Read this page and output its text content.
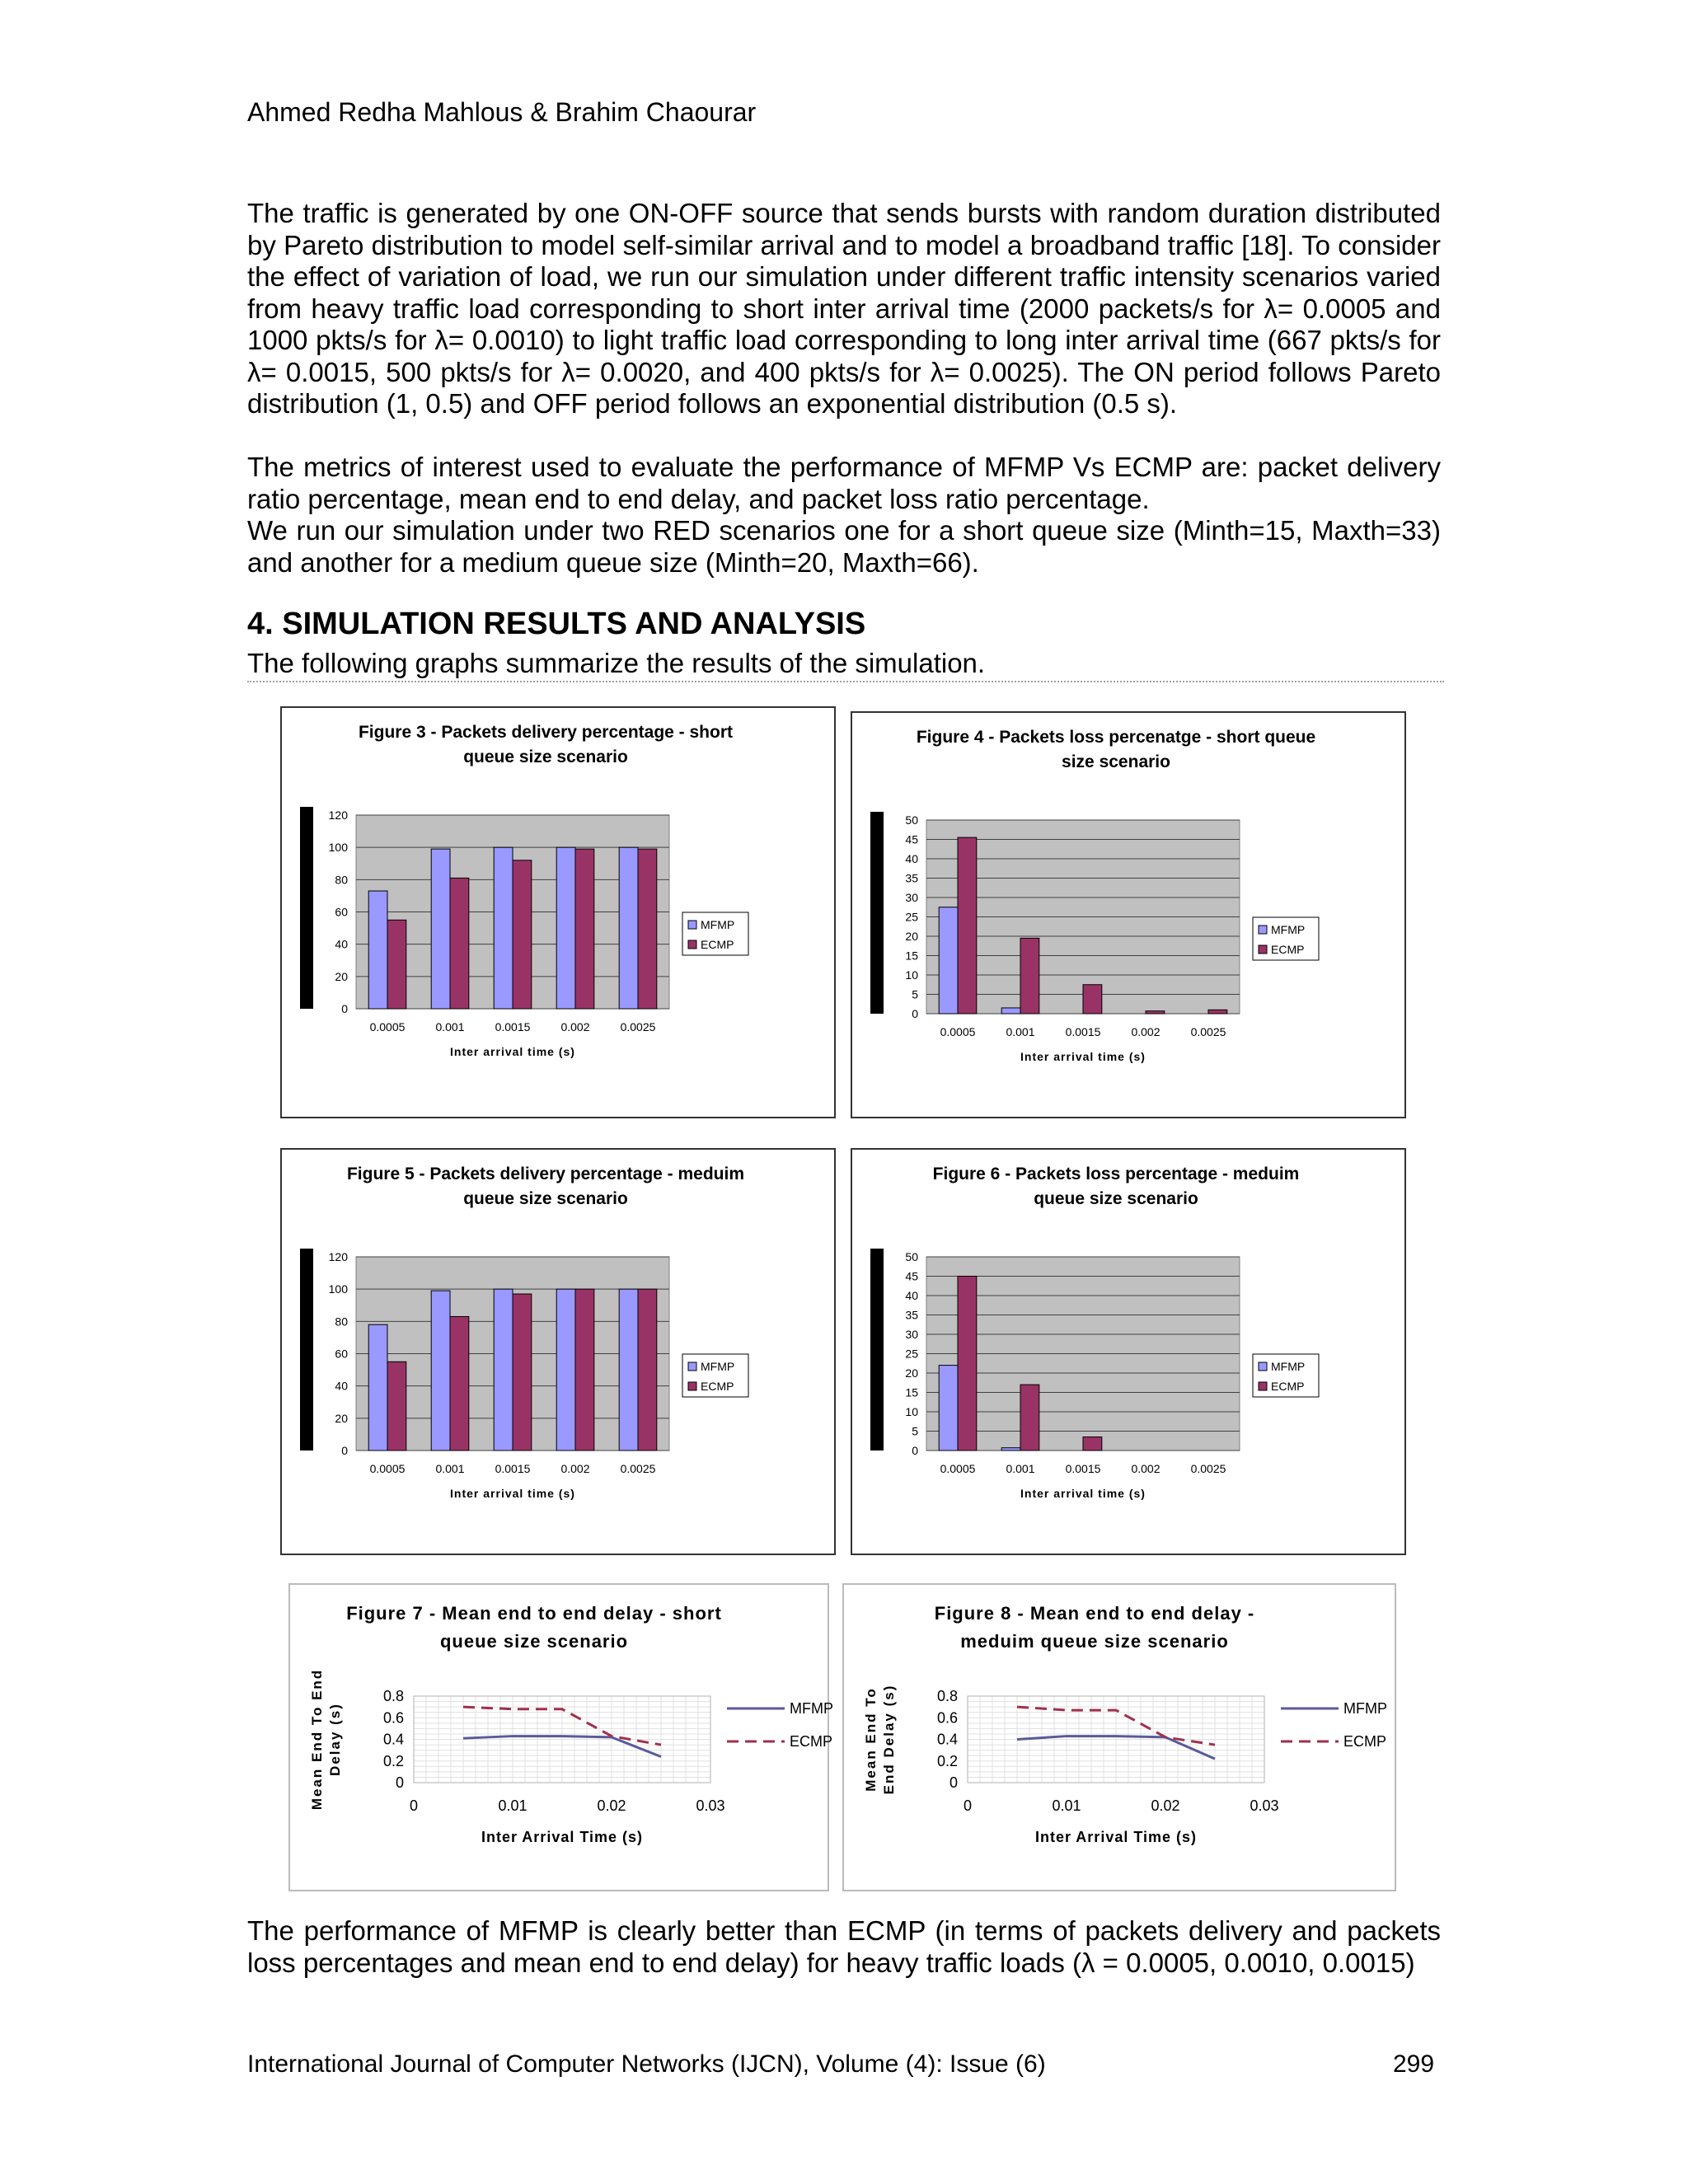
Ahmed Redha Mahlous & Brahim Chaourar

The traffic is generated by one ON-OFF source that sends bursts with random duration distributed by Pareto distribution to model self-similar arrival and to model a broadband traffic [18]. To consider the effect of variation of load, we run our simulation under different traffic intensity scenarios varied from heavy traffic load corresponding to short inter arrival time (2000 packets/s for λ= 0.0005 and 1000 pkts/s for λ= 0.0010) to light traffic load corresponding to long inter arrival time (667 pkts/s for λ= 0.0015, 500 pkts/s for λ= 0.0020, and 400 pkts/s for λ= 0.0025). The ON period follows Pareto distribution (1, 0.5) and OFF period follows an exponential distribution (0.5 s).

The metrics of interest used to evaluate the performance of MFMP Vs ECMP are: packet delivery ratio percentage, mean end to end delay, and packet loss ratio percentage.

We run our simulation under two RED scenarios one for a short queue size (Minth=15, Maxth=33) and another for a medium queue size (Minth=20, Maxth=66).

4. SIMULATION RESULTS AND ANALYSIS
The following graphs summarize the results of the simulation.
Figure 3 - Packets delivery percentage - short
queue size scenario
0
20
40
60
80
100
120
0.0005	0.001	0.0015	0.002	0.0025
Inter arrival time (s)
MFMP
ECMP
Figure 4 - Packets loss percenatge - short queue
size scenario
0
5
10
15
20
25
30
35
40
45
50
0.0005	0.001	0.0015	0.002	0.0025
Inter arrival time (s)
MFMP
ECMP
Figure 5 - Packets delivery percentage - meduim
queue size scenario
0
20
40
60
80
100
120
0.0005	0.001	0.0015	0.002	0.0025
Inter arrival time (s)
MFMP
ECMP
Figure 6 - Packets loss percentage - meduim
queue size scenario
0
5
10
15
20
25
30
35
40
45
50
0.0005	0.001	0.0015	0.002	0.0025
Inter arrival time (s)
MFMP
ECMP
Figure 7 - Mean end to end delay - short
queue size scenario
0
0.2
0.4
0.6
0.8
0	0.01	0.02	0.03
Inter Arrival Time (s)
Mean End To End Delay (s)	MFMP
ECMP
Figure 8 - Mean end to end delay -
meduim queue size scenario
0
0.2
0.4
0.6
0.8
0	0.01	0.02	0.03
Inter Arrival Time (s)
Mean End To End Delay (s)	MFMP
ECMP

The performance of MFMP is clearly better than ECMP (in terms of packets delivery and packets loss percentages and mean end to end delay) for heavy traffic loads (λ = 0.0005, 0.0010, 0.0015)

International Journal of Computer Networks (IJCN), Volume (4): Issue (6)	299
